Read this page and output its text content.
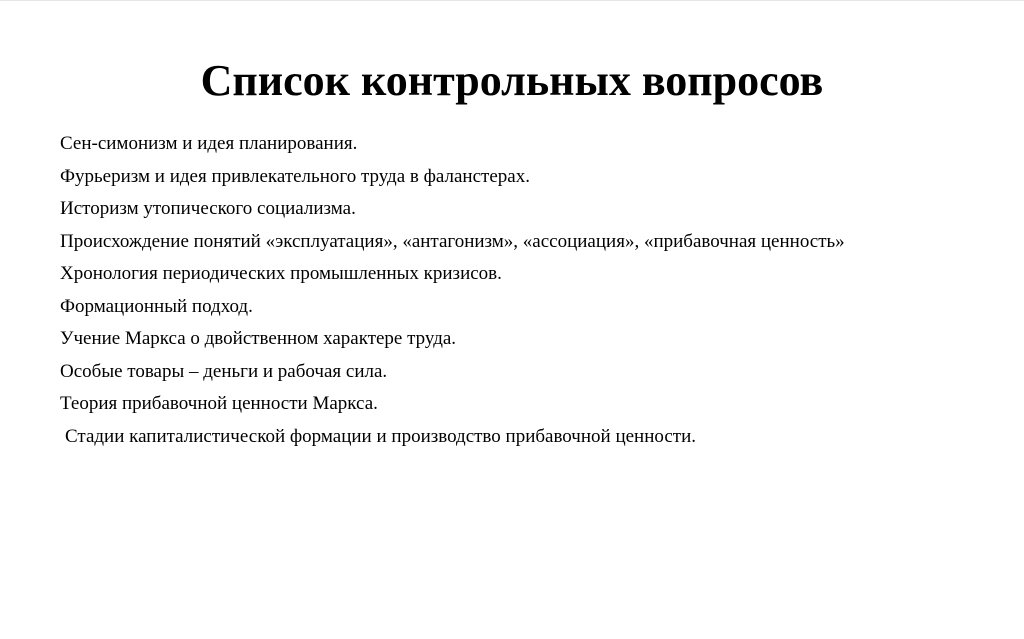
Список контрольных вопросов
Сен-симонизм и идея планирования.
Фурьеризм и идея привлекательного труда в фаланстерах.
Историзм утопического социализма.
Происхождение понятий «эксплуатация», «антагонизм», «ассоциация», «прибавочная ценность»
Хронология периодических промышленных кризисов.
Формационный подход.
Учение Маркса о двойственном характере труда.
Особые товары – деньги и рабочая сила.
Теория прибавочной ценности Маркса.
Стадии капиталистической формации и производство прибавочной ценности.
